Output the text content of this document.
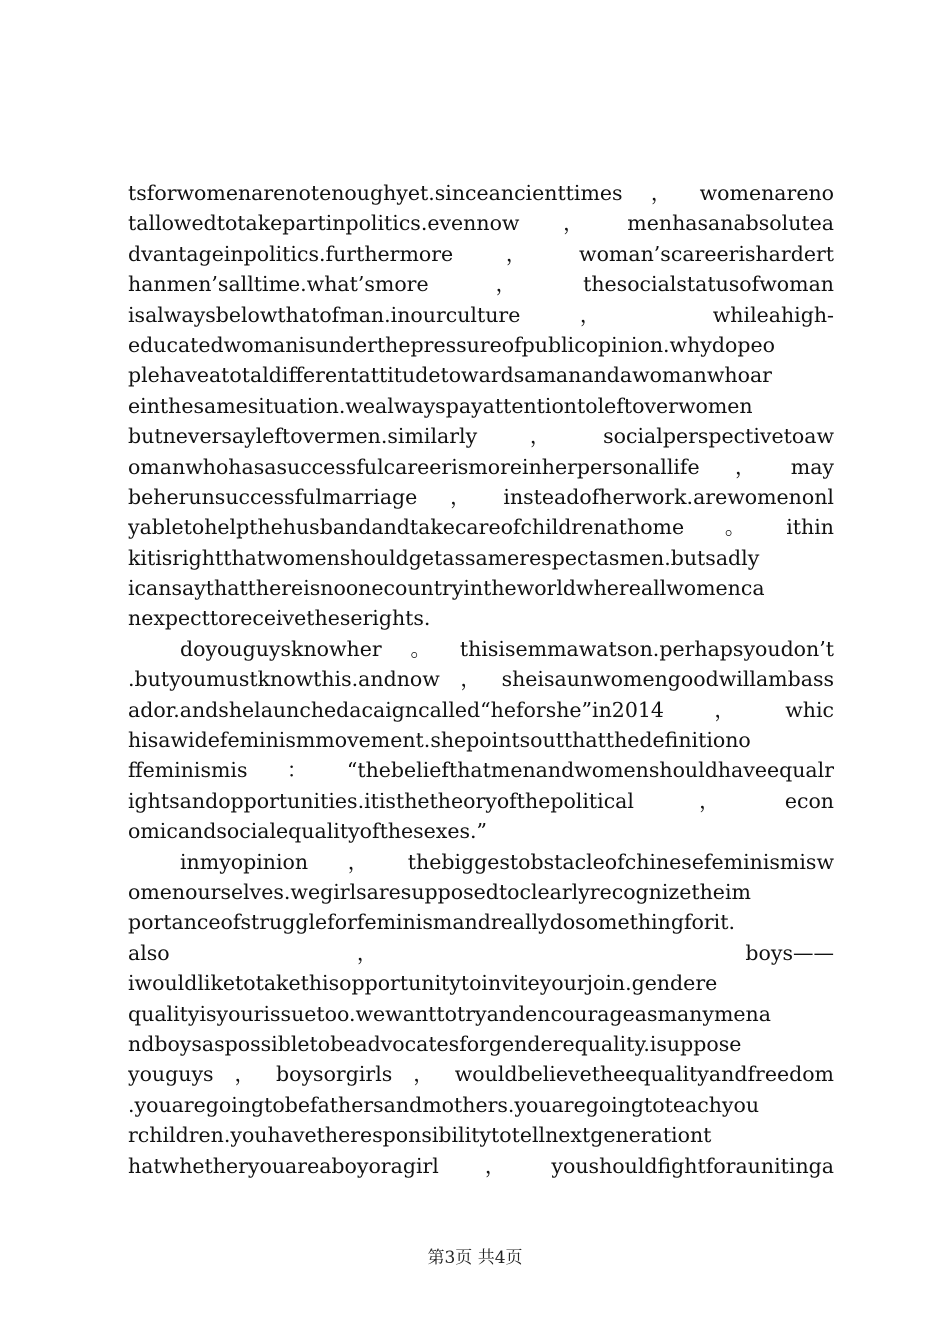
tsforwomenarenotenoughyet.sinceancienttimes，womenareno
tallowedtotakepartinpolitics.evennow，menhasanabsolutea
dvantageinpolitics.furthermore，woman’scareerishardert
hanmen’salltime.what’smore，thesocialstatusofwoman
isalwaysbelowthatofman.inourculture ， whileahigh-
educatedwomanisunderthepressureofpublicopinion.whydopeo
plehaveatotaldifferentattitudetowardsamanandawomanwhoar
einthesamesituation.wealwayspayattentiontoleftoverwomen
butneversayleftovermen.similarly，socialperspectivetoaw
omanwhohasasuccessfulcareerismoreinherpersonallife，may
beherunsuccessfulmarriage，insteadofherwork.arewomenonl
yabletohelpthehusbandandtakecareofchildrenathome。ithin
kitisrightthatwomenshouldgetassamerespectasmen.butsadly
icansaythatthereisnoonecountryintheworldwhereallwomenca
nexpecttoreceivetheserights.
doyouguysknowher。thisisemmawatson.perhapsyoudon’t
.butyoumustknowthis.andnow，sheisaunwomengoodwillambass
ador.andshelaunchedacaigncalled“heforshe”in2014，whic
hisawidefeminismmovement.shepointsoutthatthedefinitiono
ffeminismis：“thebeliefthatmenandwomenshouldhaveequalr
ightsandopportunities.itisthetheoryofthepolitical，econ
omicandsocialequalityofthesexes.”
inmyopinion，thebiggestobstacleofchinesefeminismisw
omenourselves.wegirlsaresupposedtoclearlyrecognizetheim
portanceofstruggleforfeminismandreallydosomethingforit.
also ， boys——
iwouldliketotakethisopportunitytoinviteyourjoin.gendere
qualityisyourissuetoo.wewanttotryandencourageasmanymena
ndboysaspossibletobeadvocatesforgenderequality.isuppose
youguys，boysorgirls，wouldbelievetheequalityandfreedom
.youaregoingtobefathersandmothers.youaregoingtoteachyou
rchildren.youhavetheresponsibilitytotellnextgenerationt
hatwhetheryouareaboyoragirl，youshouldfightforaunitinga
第3页 共4页
